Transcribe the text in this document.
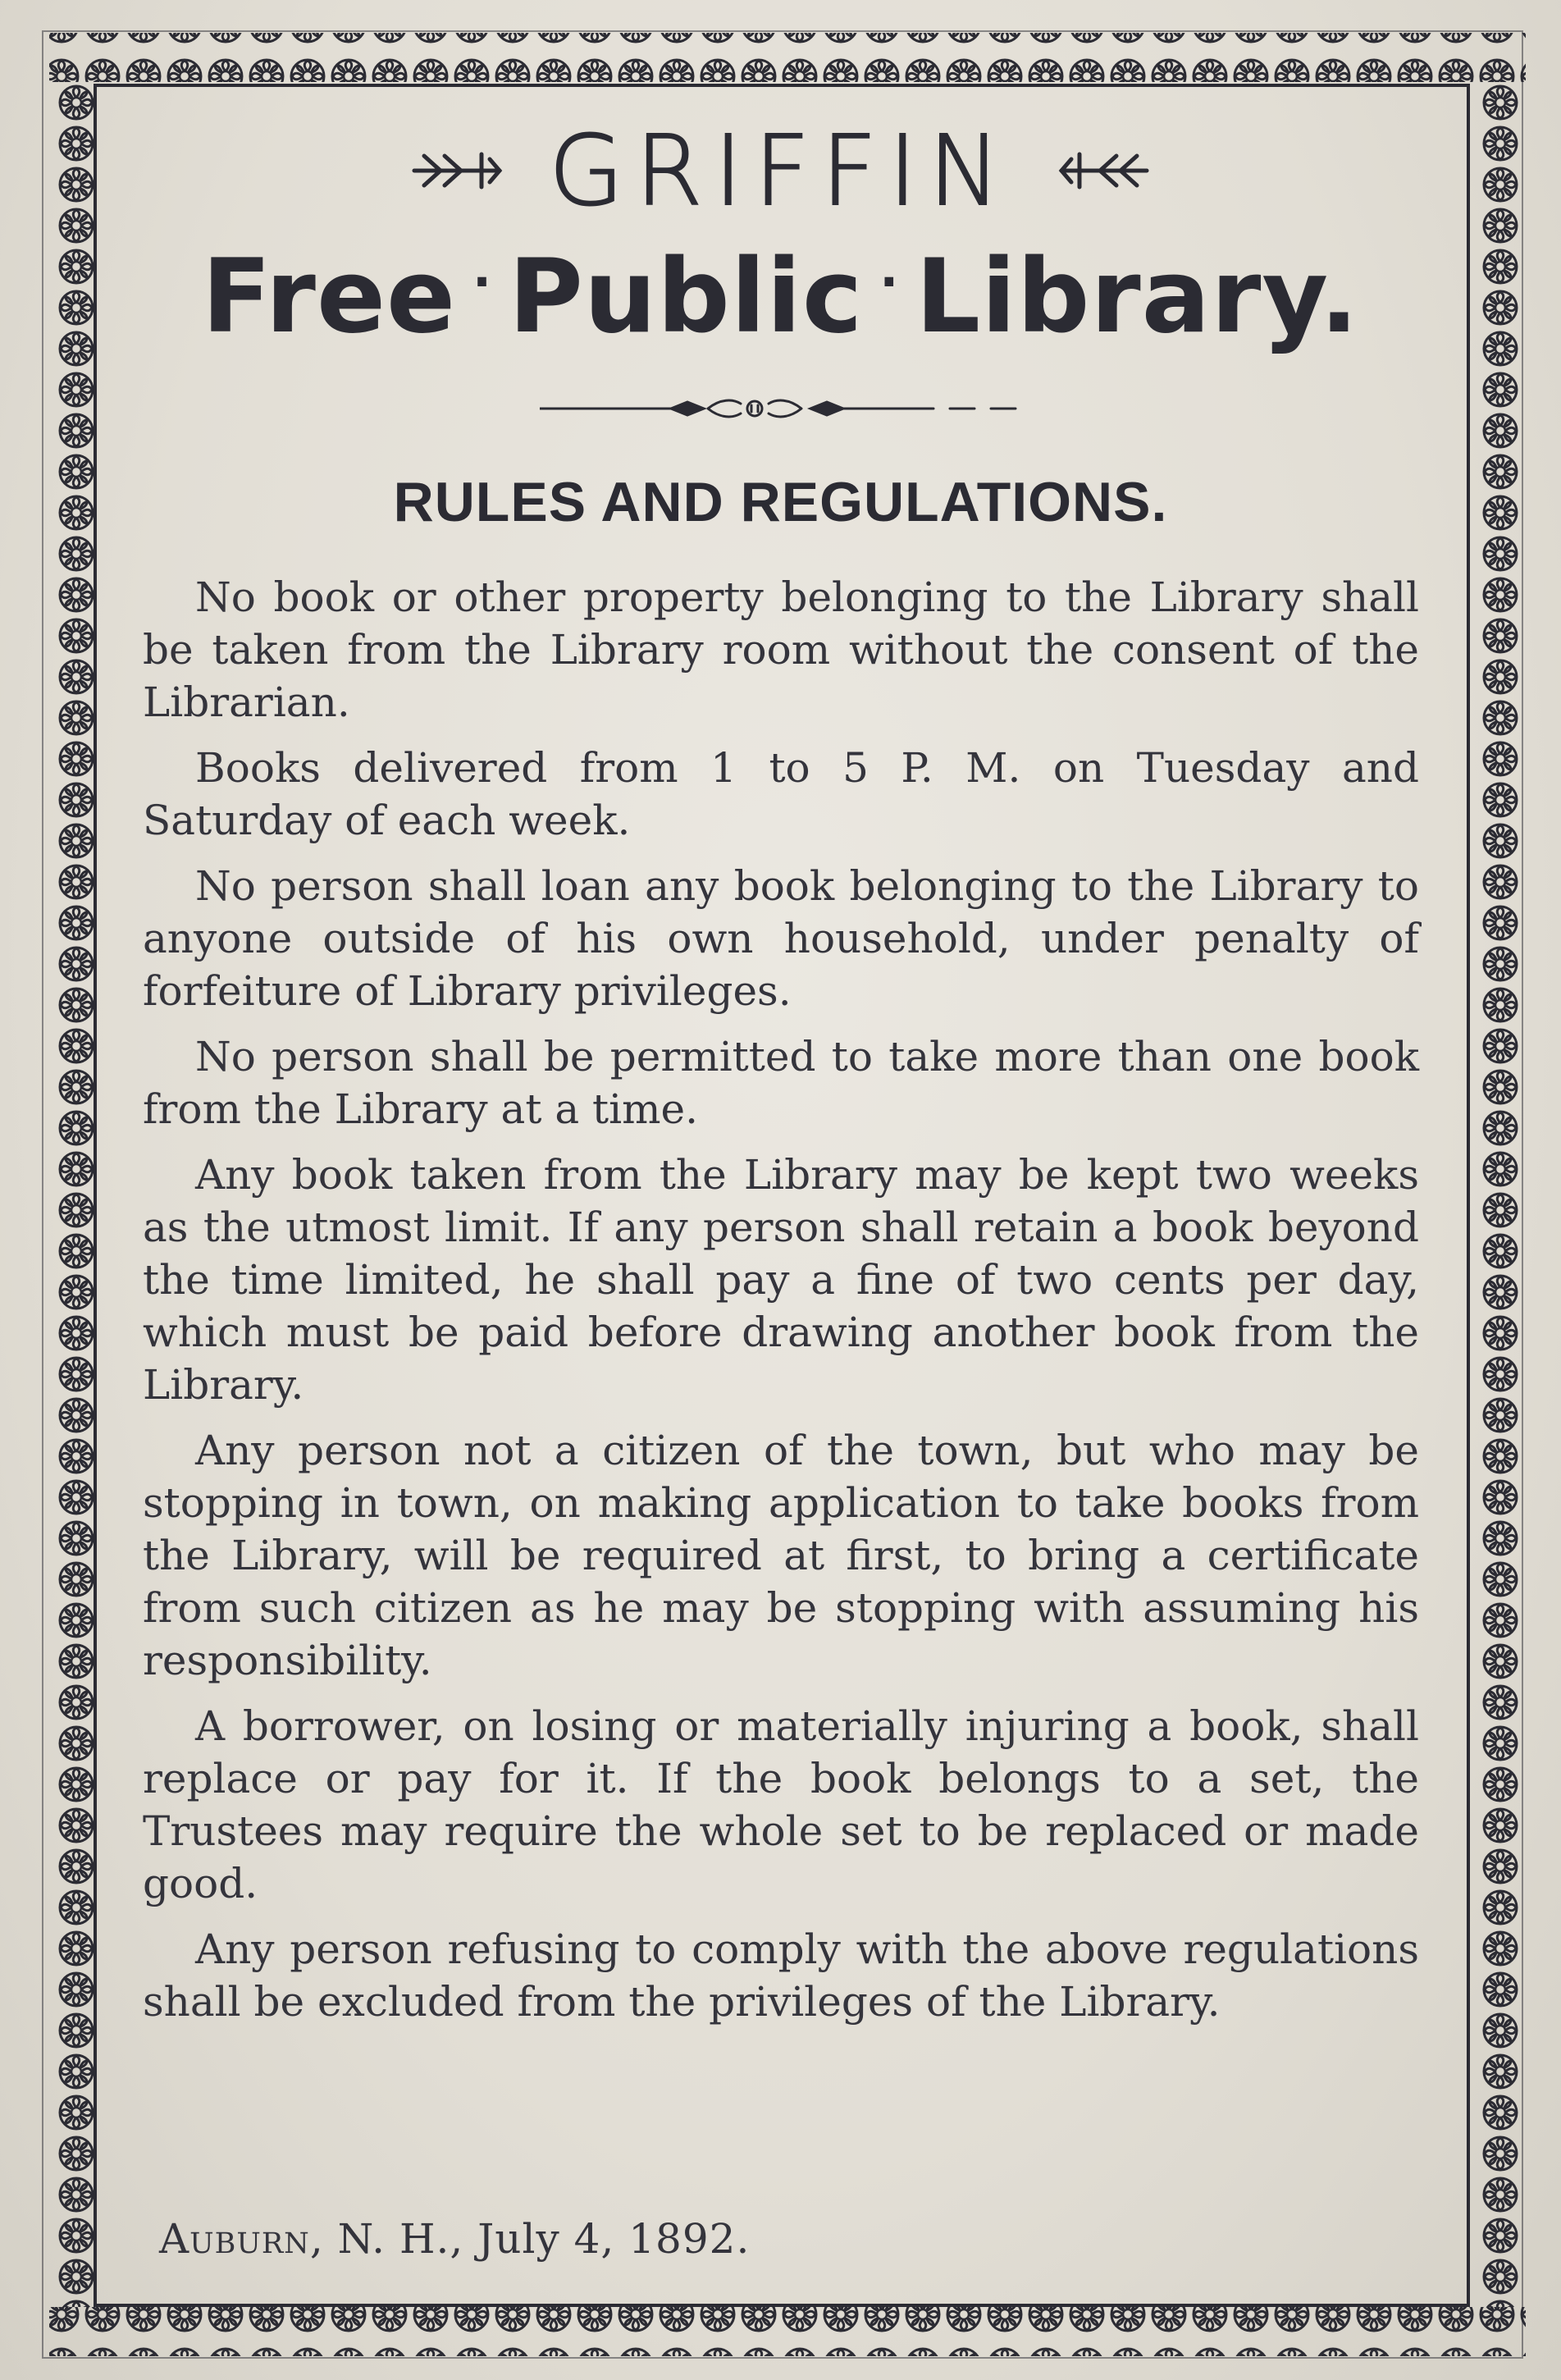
GRIFFIN
Free · Public · Library.
RULES AND REGULATIONS.

No book or other property belonging to the Library shall be taken from the Library room without the consent of the Librarian.

Books delivered from 1 to 5 P. M. on Tuesday and Saturday of each week.

No person shall loan any book belonging to the Library to anyone outside of his own household, under penalty of forfeiture of Library privileges.

No person shall be permitted to take more than one book from the Library at a time.

Any book taken from the Library may be kept two weeks as the utmost limit. If any person shall retain a book beyond the time limited, he shall pay a fine of two cents per day, which must be paid before drawing another book from the Library.

Any person not a citizen of the town, but who may be stopping in town, on making application to take books from the Library, will be required at first, to bring a certificate from such citizen as he may be stopping with assuming his responsibility.

A borrower, on losing or materially injuring a book, shall replace or pay for it. If the book belongs to a set, the Trustees may require the whole set to be replaced or made good.

Any person refusing to comply with the above regulations shall be excluded from the privileges of the Library.

Auburn, N. H., July 4, 1892.
